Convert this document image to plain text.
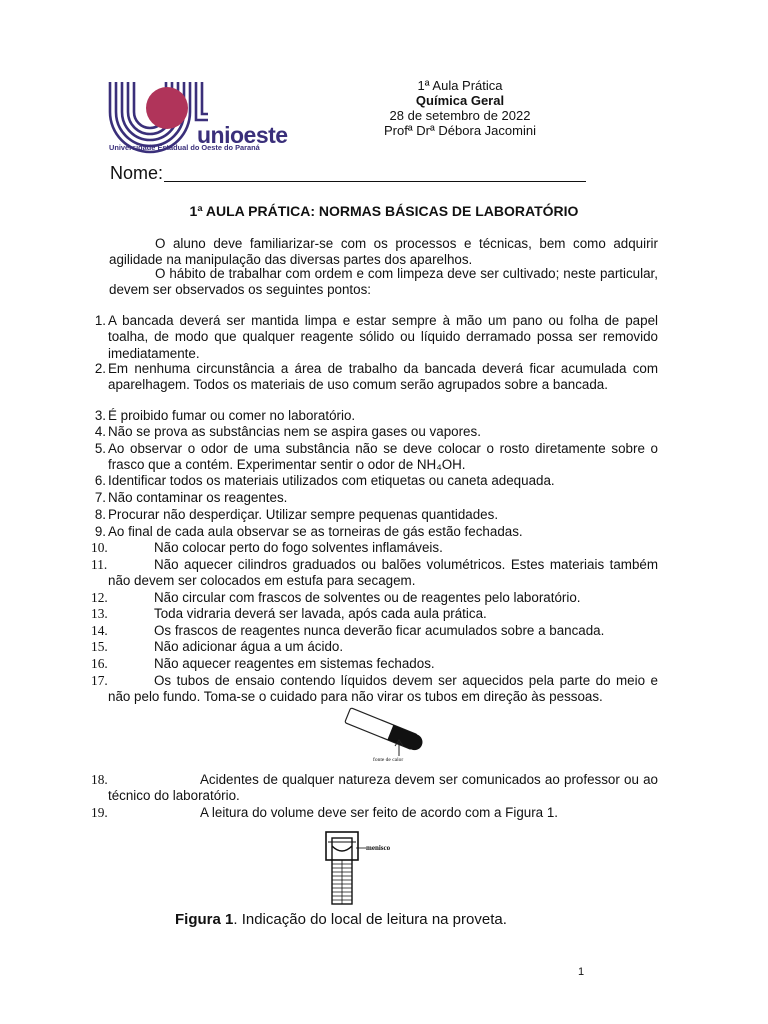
1ª Aula Prática
Química Geral
28 de setembro de 2022
Profª Drª Débora Jacomini
unioeste
Universidade Estadual do Oeste do Paraná
Nome:
1ª AULA PRÁTICA: NORMAS BÁSICAS DE LABORATÓRIO
O aluno deve familiarizar-se com os processos e técnicas, bem como adquirir agilidade na manipulação das diversas partes dos aparelhos.
O hábito de trabalhar com ordem e com limpeza deve ser cultivado; neste particular, devem ser observados os seguintes pontos:
1. A bancada deverá ser mantida limpa e estar sempre à mão um pano ou folha de papel toalha, de modo que qualquer reagente sólido ou líquido derramado possa ser removido imediatamente.
2. Em nenhuma circunstância a área de trabalho da bancada deverá ficar acumulada com aparelhagem. Todos os materiais de uso comum serão agrupados sobre a bancada.
3. É proibido fumar ou comer no laboratório.
4. Não se prova as substâncias nem se aspira gases ou vapores.
5. Ao observar o odor de uma substância não se deve colocar o rosto diretamente sobre o frasco que a contém. Experimentar sentir o odor de NH₄OH.
6. Identificar todos os materiais utilizados com etiquetas ou caneta adequada.
7. Não contaminar os reagentes.
8. Procurar não desperdiçar. Utilizar sempre pequenas quantidades.
9. Ao final de cada aula observar se as torneiras de gás estão fechadas.
10.	Não colocar perto do fogo solventes inflamáveis.
11.	Não aquecer cilindros graduados ou balões volumétricos. Estes materiais também não devem ser colocados em estufa para secagem.
12.	Não circular com frascos de solventes ou de reagentes pelo laboratório.
13.	Toda vidraria deverá ser lavada, após cada aula prática.
14.	Os frascos de reagentes nunca deverão ficar acumulados sobre a bancada.
15.	Não adicionar água a um ácido.
16.	Não aquecer reagentes em sistemas fechados.
17.	Os tubos de ensaio contendo líquidos devem ser aquecidos pela parte do meio e não pelo fundo. Toma-se o cuidado para não virar os tubos em direção às pessoas.
fonte de calor
18.	Acidentes de qualquer natureza devem ser comunicados ao professor ou ao técnico do laboratório.
19.	A leitura do volume deve ser feito de acordo com a Figura 1.
menisco
Figura 1. Indicação do local de leitura na proveta.
1
